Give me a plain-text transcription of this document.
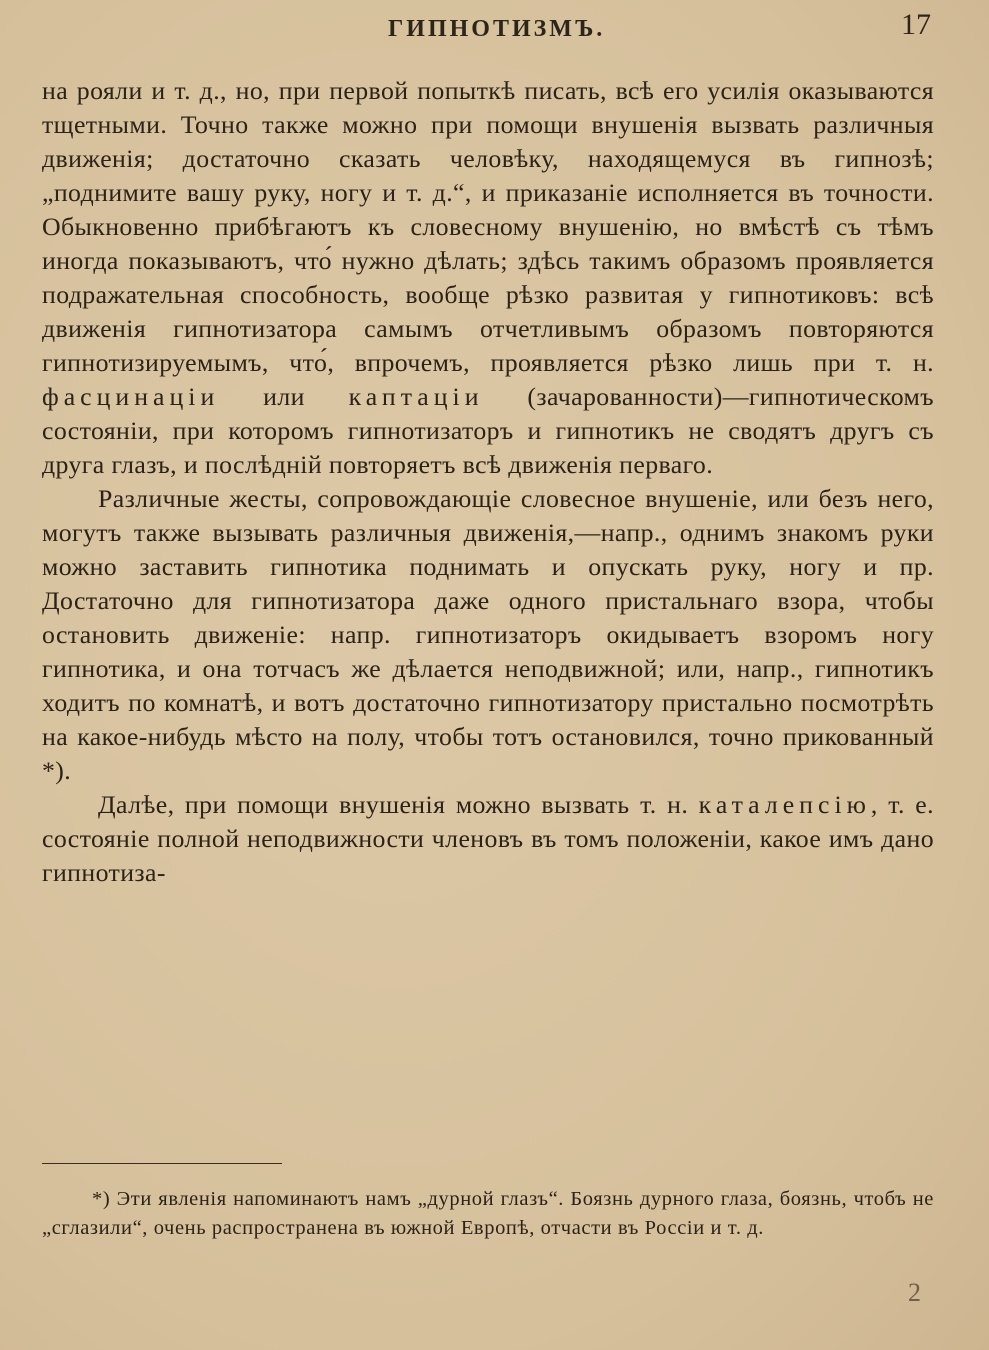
ГИПНОТИЗМЪ.	17

на рояли и т. д., но, при первой попыткѣ писать, всѣ его усилія оказываются тщетными. Точно также можно при помощи внушенія вызвать различныя движенія; достаточно сказать человѣку, находящемуся въ гипнозѣ; „поднимите вашу руку, ногу и т. д.“, и приказаніе исполняется въ точности. Обыкновенно прибѣгаютъ къ словесному внушенію, но вмѣстѣ съ тѣмъ иногда показываютъ, что́ нужно дѣлать; здѣсь такимъ образомъ проявляется подражательная способность, вообще рѣзко развитая у гипнотиковъ: всѣ движенія гипнотизатора самымъ отчетливымъ образомъ повторяются гипнотизируемымъ, что́, впрочемъ, проявляется рѣзко лишь при т. н. фасцинаціи или каптаціи (зачарованности)—гипнотическомъ состояніи, при которомъ гипнотизаторъ и гипнотикъ не сводятъ другъ съ друга глазъ, и послѣдній повторяетъ всѣ движенія перваго.

Различные жесты, сопровождающіе словесное внушеніе, или безъ него, могутъ также вызывать различныя движенія,—напр., однимъ знакомъ руки можно заставить гипнотика поднимать и опускать руку, ногу и пр. Достаточно для гипнотизатора даже одного пристальнаго взора, чтобы остановить движеніе: напр. гипнотизаторъ окидываетъ взоромъ ногу гипнотика, и она тотчасъ же дѣлается неподвижной; или, напр., гипнотикъ ходитъ по комнатѣ, и вотъ достаточно гипнотизатору пристально посмотрѣть на какое-нибудь мѣсто на полу, чтобы тотъ остановился, точно прикованный *).

Далѣе, при помощи внушенія можно вызвать т. н. каталепсію, т. е. состояніе полной неподвижности членовъ въ томъ положеніи, какое имъ дано гипнотиза-

*) Эти явленія напоминаютъ намъ „дурной глазъ“. Боязнь дурного глаза, боязнь, чтобъ не „сглазили“, очень распространена въ южной Европѣ, отчасти въ Россіи и т. д.

2
